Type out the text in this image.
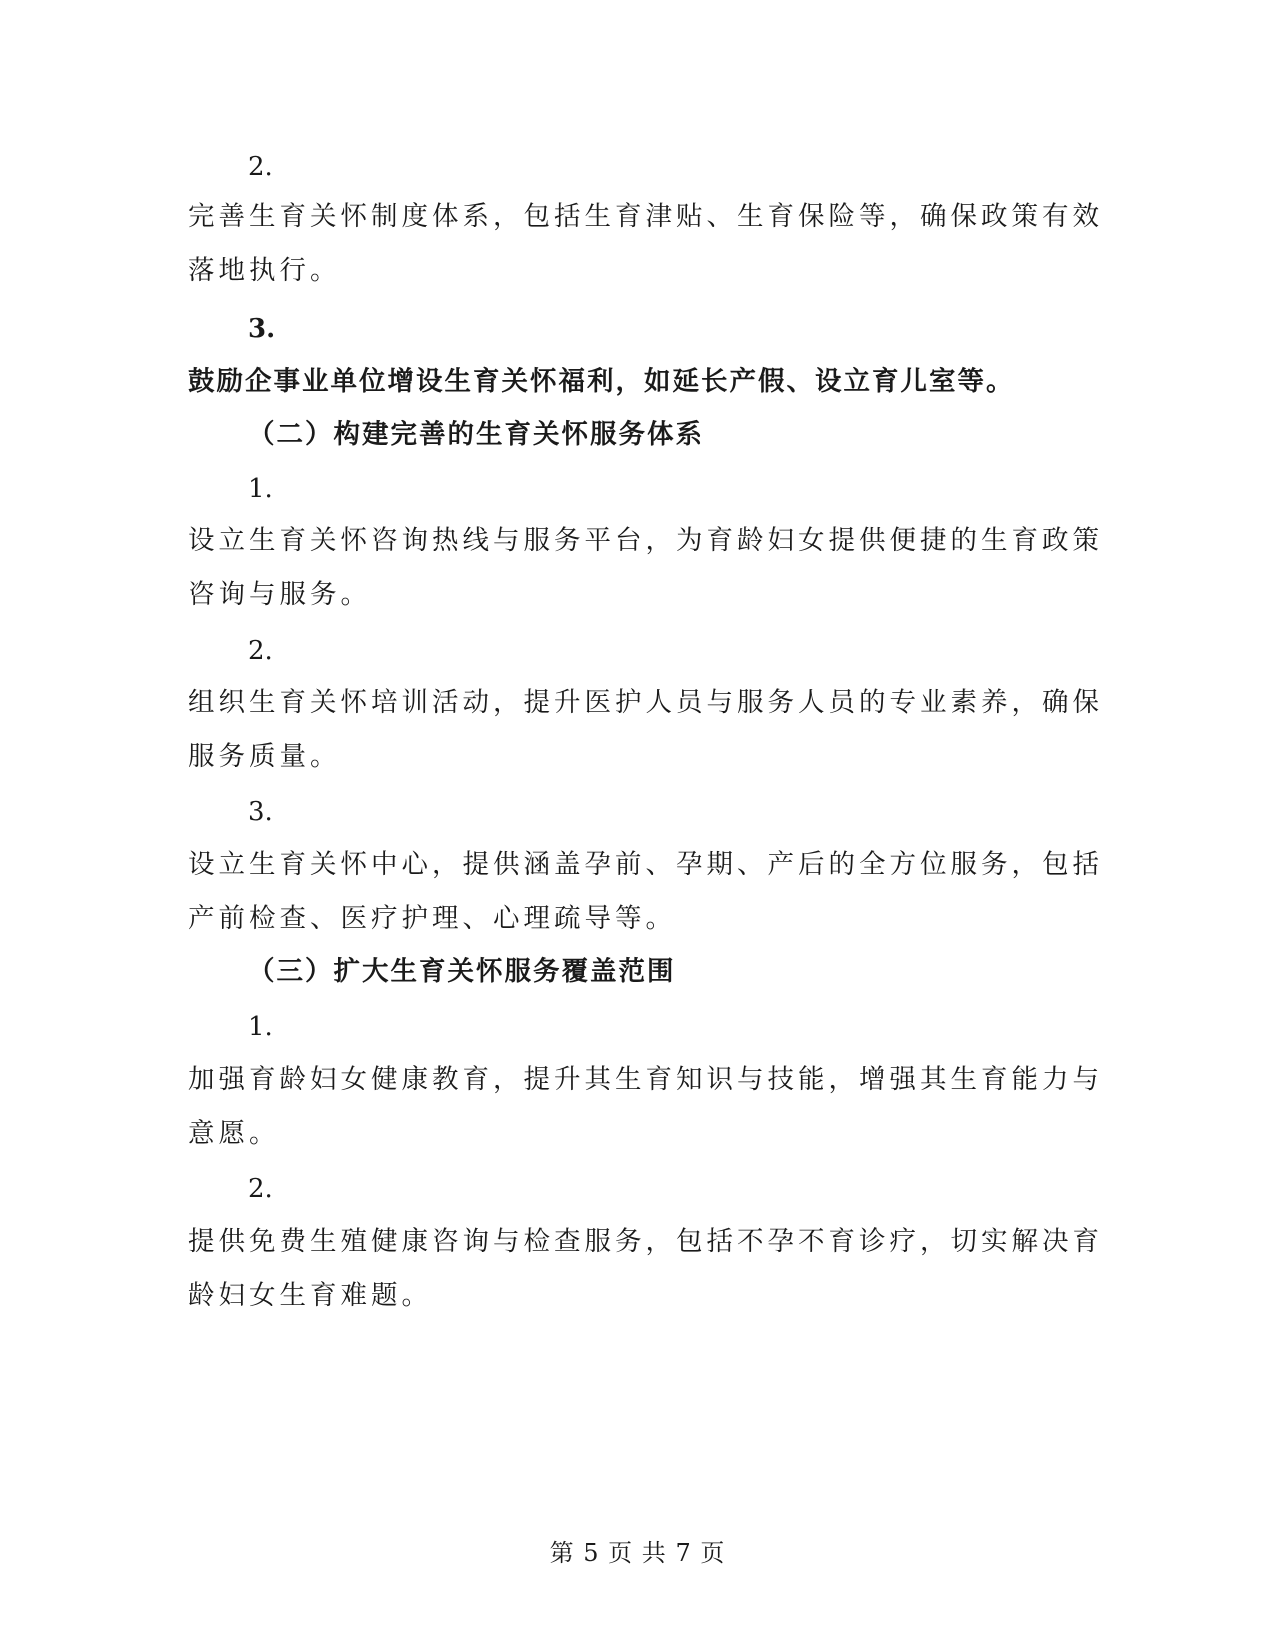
2.
完善生育关怀制度体系，包括生育津贴、生育保险等，确保政策有效
落地执行。
3.
鼓励企事业单位增设生育关怀福利，如延长产假、设立育儿室等。
（二）构建完善的生育关怀服务体系
1.
设立生育关怀咨询热线与服务平台，为育龄妇女提供便捷的生育政策
咨询与服务。
2.
组织生育关怀培训活动，提升医护人员与服务人员的专业素养，确保
服务质量。
3.
设立生育关怀中心，提供涵盖孕前、孕期、产后的全方位服务，包括
产前检查、医疗护理、心理疏导等。
（三）扩大生育关怀服务覆盖范围
1.
加强育龄妇女健康教育，提升其生育知识与技能，增强其生育能力与
意愿。
2.
提供免费生殖健康咨询与检查服务，包括不孕不育诊疗，切实解决育
龄妇女生育难题。
第 5 页 共 7 页
